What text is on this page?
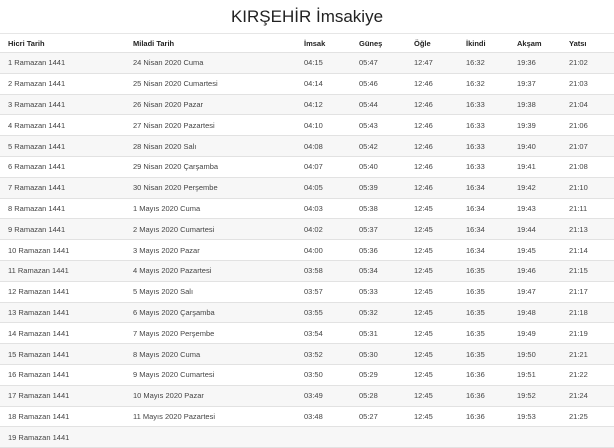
KIRŞEHİR İmsakiye
Hicri Tarih	Miladi Tarih	İmsak	Güneş	Öğle	İkindi	Akşam	Yatsı
1 Ramazan 1441	24 Nisan 2020 Cuma	04:15	05:47	12:47	16:32	19:36	21:02
2 Ramazan 1441	25 Nisan 2020 Cumartesi	04:14	05:46	12:46	16:32	19:37	21:03
3 Ramazan 1441	26 Nisan 2020 Pazar	04:12	05:44	12:46	16:33	19:38	21:04
4 Ramazan 1441	27 Nisan 2020 Pazartesi	04:10	05:43	12:46	16:33	19:39	21:06
5 Ramazan 1441	28 Nisan 2020 Salı	04:08	05:42	12:46	16:33	19:40	21:07
6 Ramazan 1441	29 Nisan 2020 Çarşamba	04:07	05:40	12:46	16:33	19:41	21:08
7 Ramazan 1441	30 Nisan 2020 Perşembe	04:05	05:39	12:46	16:34	19:42	21:10
8 Ramazan 1441	1 Mayıs 2020 Cuma	04:03	05:38	12:45	16:34	19:43	21:11
9 Ramazan 1441	2 Mayıs 2020 Cumartesi	04:02	05:37	12:45	16:34	19:44	21:13
10 Ramazan 1441	3 Mayıs 2020 Pazar	04:00	05:36	12:45	16:34	19:45	21:14
11 Ramazan 1441	4 Mayıs 2020 Pazartesi	03:58	05:34	12:45	16:35	19:46	21:15
12 Ramazan 1441	5 Mayıs 2020 Salı	03:57	05:33	12:45	16:35	19:47	21:17
13 Ramazan 1441	6 Mayıs 2020 Çarşamba	03:55	05:32	12:45	16:35	19:48	21:18
14 Ramazan 1441	7 Mayıs 2020 Perşembe	03:54	05:31	12:45	16:35	19:49	21:19
15 Ramazan 1441	8 Mayıs 2020 Cuma	03:52	05:30	12:45	16:35	19:50	21:21
16 Ramazan 1441	9 Mayıs 2020 Cumartesi	03:50	05:29	12:45	16:36	19:51	21:22
17 Ramazan 1441	10 Mayıs 2020 Pazar	03:49	05:28	12:45	16:36	19:52	21:24
18 Ramazan 1441	11 Mayıs 2020 Pazartesi	03:48	05:27	12:45	16:36	19:53	21:25
19 Ramazan 1441							
